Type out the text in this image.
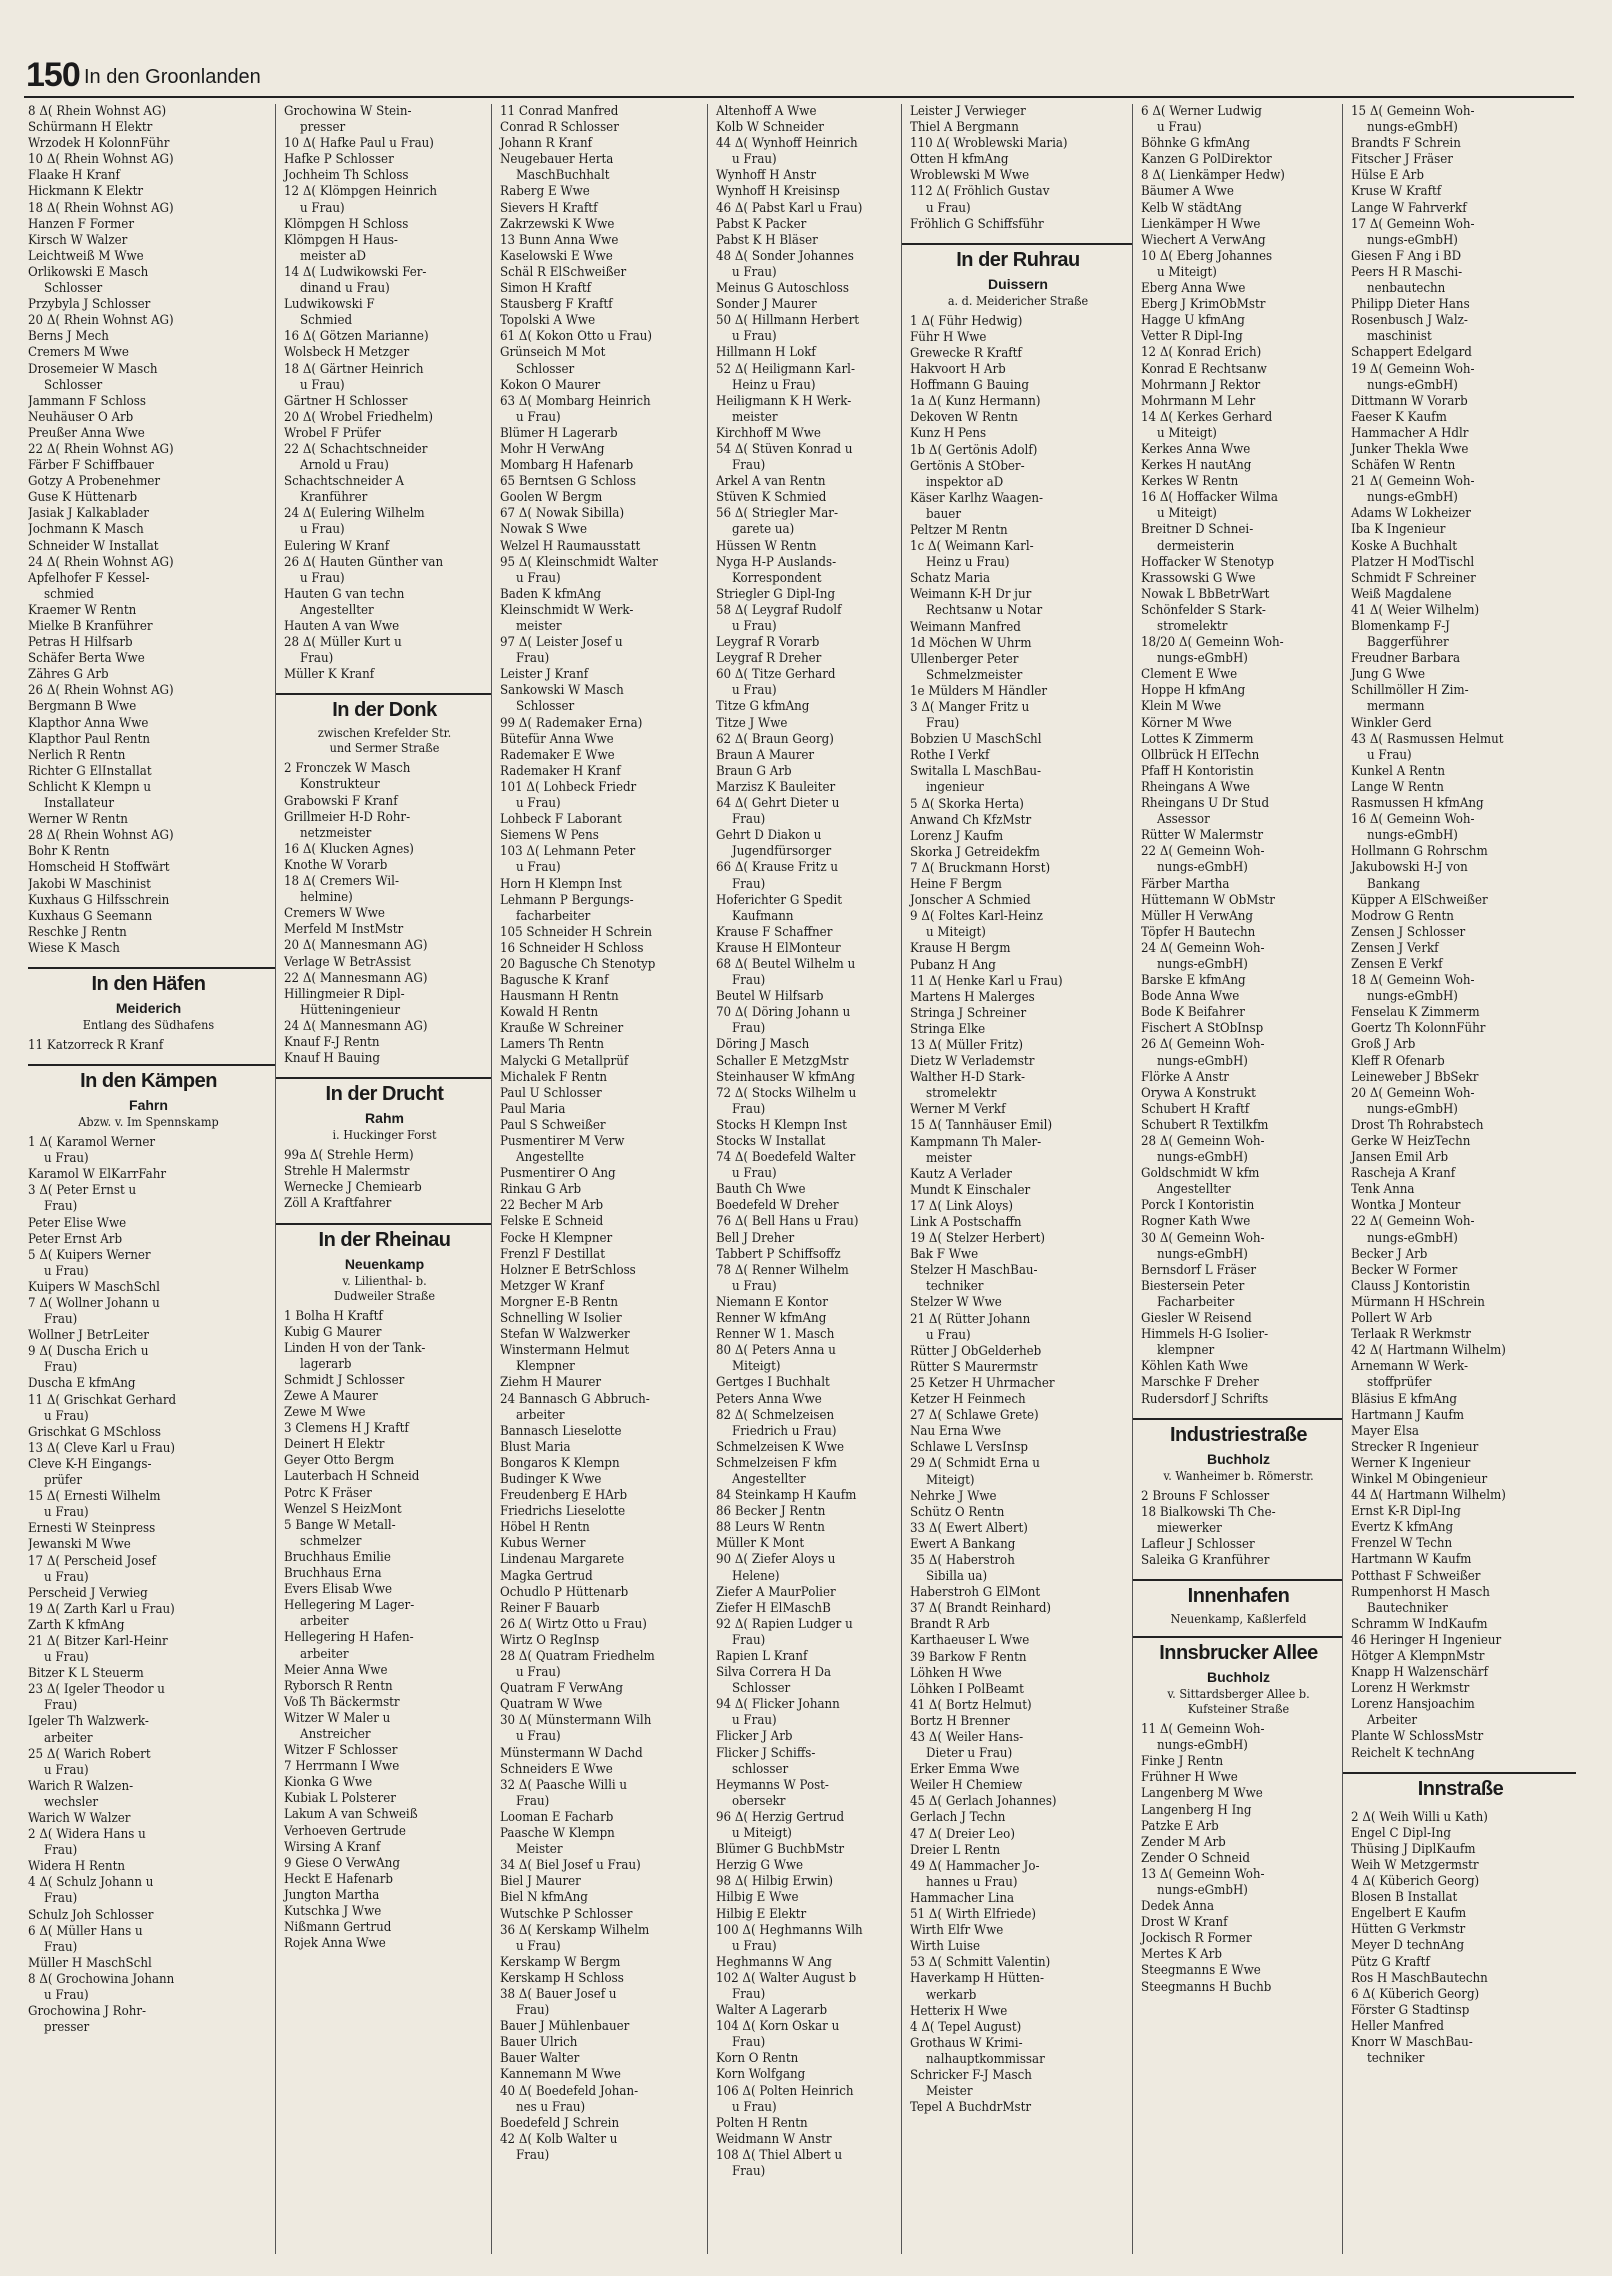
150 In den Groonlanden
8 Δ( Rhein Wohnst AG)
Schürmann H Elektr
Wrzodek H KolonnFühr
10 Δ( Rhein Wohnst AG)
Flaake H Kranf
Hickmann K Elektr
18 Δ( Rhein Wohnst AG)
Hanzen F Former
Kirsch W Walzer
Leichtweiß M Wwe
Orlikowski E Masch
Schlosser
Przybyla J Schlosser
20 Δ( Rhein Wohnst AG)
Berns J Mech
Cremers M Wwe
Drosemeier W Masch
Schlosser
Jammann F Schloss
Neuhäuser O Arb
Preußer Anna Wwe
22 Δ( Rhein Wohnst AG)
Färber F Schiffbauer
Gotzy A Probenehmer
Guse K Hüttenarb
Jasiak J Kalkablader
Jochmann K Masch
Schneider W Installat
24 Δ( Rhein Wohnst AG)
Apfelhofer F Kessel-
schmied
Kraemer W Rentn
Mielke B Kranführer
Petras H Hilfsarb
Schäfer Berta Wwe
Zähres G Arb
26 Δ( Rhein Wohnst AG)
Bergmann B Wwe
Klapthor Anna Wwe
Klapthor Paul Rentn
Nerlich R Rentn
Richter G ElInstallat
Schlicht K Klempn u
Installateur
Werner W Rentn
28 Δ( Rhein Wohnst AG)
Bohr K Rentn
Homscheid H Stoffwärt
Jakobi W Maschinist
Kuxhaus G Hilfsschrein
Kuxhaus G Seemann
Reschke J Rentn
Wiese K Masch
In den Häfen
Meiderich
Entlang des Südhafens
11 Katzorreck R Kranf
In den Kämpen
Fahrn
Abzw. v. Im Spennskamp
1 Δ( Karamol Werner
u Frau)
Karamol W ElKarrFahr
3 Δ( Peter Ernst u
Frau)
Peter Elise Wwe
Peter Ernst Arb
5 Δ( Kuipers Werner
u Frau)
Kuipers W MaschSchl
7 Δ( Wollner Johann u
Frau)
Wollner J BetrLeiter
9 Δ( Duscha Erich u
Frau)
Duscha E kfmAng
11 Δ( Grischkat Gerhard
u Frau)
Grischkat G MSchloss
13 Δ( Cleve Karl u Frau)
Cleve K-H Eingangs-
prüfer
15 Δ( Ernesti Wilhelm
u Frau)
Ernesti W Steinpress
Jewanski M Wwe
17 Δ( Perscheid Josef
u Frau)
Perscheid J Verwieg
19 Δ( Zarth Karl u Frau)
Zarth K kfmAng
21 Δ( Bitzer Karl-Heinr
u Frau)
Bitzer K L Steuerm
23 Δ( Igeler Theodor u
Frau)
Igeler Th Walzwerk-
arbeiter
25 Δ( Warich Robert
u Frau)
Warich R Walzen-
wechsler
Warich W Walzer
2 Δ( Widera Hans u
Frau)
Widera H Rentn
4 Δ( Schulz Johann u
Frau)
Schulz Joh Schlosser
6 Δ( Müller Hans u
Frau)
Müller H MaschSchl
8 Δ( Grochowina Johann
u Frau)
Grochowina J Rohr-
presser
Grochowina W Stein-
presser
10 Δ( Hafke Paul u Frau)
Hafke P Schlosser
Jochheim Th Schloss
12 Δ( Klömpgen Heinrich
u Frau)
Klömpgen H Schloss
Klömpgen H Haus-
meister aD
14 Δ( Ludwikowski Fer-
dinand u Frau)
Ludwikowski F
Schmied
16 Δ( Götzen Marianne)
Wolsbeck H Metzger
18 Δ( Gärtner Heinrich
u Frau)
Gärtner H Schlosser
20 Δ( Wrobel Friedhelm)
Wrobel F Prüfer
22 Δ( Schachtschneider
Arnold u Frau)
Schachtschneider A
Kranführer
24 Δ( Eulering Wilhelm
u Frau)
Eulering W Kranf
26 Δ( Hauten Günther van
u Frau)
Hauten G van techn
Angestellter
Hauten A van Wwe
28 Δ( Müller Kurt u
Frau)
Müller K Kranf
In der Donk
zwischen Krefelder Str.
und Sermer Straße
2 Fronczek W Masch
Konstrukteur
Grabowski F Kranf
Grillmeier H-D Rohr-
netzmeister
16 Δ( Klucken Agnes)
Knothe W Vorarb
18 Δ( Cremers Wil-
helmine)
Cremers W Wwe
Merfeld M InstMstr
20 Δ( Mannesmann AG)
Verlage W BetrAssist
22 Δ( Mannesmann AG)
Hillingmeier R Dipl-
Hütteningenieur
24 Δ( Mannesmann AG)
Knauf F-J Rentn
Knauf H Bauing
In der Drucht
Rahm
i. Huckinger Forst
99a Δ( Strehle Herm)
Strehle H Malermstr
Wernecke J Chemiearb
Zöll A Kraftfahrer
In der Rheinau
Neuenkamp
v. Lilienthal- b.
Dudweiler Straße
1 Bolha H Kraftf
Kubig G Maurer
Linden H von der Tank-
lagerarb
Schmidt J Schlosser
Zewe A Maurer
Zewe M Wwe
3 Clemens H J Kraftf
Deinert H Elektr
Geyer Otto Bergm
Lauterbach H Schneid
Potrc K Fräser
Wenzel S HeizMont
5 Bange W Metall-
schmelzer
Bruchhaus Emilie
Bruchhaus Erna
Evers Elisab Wwe
Hellegering M Lager-
arbeiter
Hellegering H Hafen-
arbeiter
Meier Anna Wwe
Ryborsch R Rentn
Voß Th Bäckermstr
Witzer W Maler u
Anstreicher
Witzer F Schlosser
7 Herrmann I Wwe
Kionka G Wwe
Kubiak L Polsterer
Lakum A van Schweiß
Verhoeven Gertrude
Wirsing A Kranf
9 Giese O VerwAng
Heckt E Hafenarb
Jungton Martha
Kutschka J Wwe
Nißmann Gertrud
Rojek Anna Wwe
11 Conrad Manfred
Conrad R Schlosser
Johann R Kranf
Neugebauer Herta
MaschBuchhalt
Raberg E Wwe
Sievers H Kraftf
Zakrzewski K Wwe
13 Bunn Anna Wwe
Kaselowski E Wwe
Schäl R ElSchweißer
Simon H Kraftf
Stausberg F Kraftf
Topolski A Wwe
61 Δ( Kokon Otto u Frau)
Grünseich M Mot
Schlosser
Kokon O Maurer
63 Δ( Mombarg Heinrich
u Frau)
Blümer H Lagerarb
Mohr H VerwAng
Mombarg H Hafenarb
65 Berntsen G Schloss
Goolen W Bergm
67 Δ( Nowak Sibilla)
Nowak S Wwe
Welzel H Raumausstatt
95 Δ( Kleinschmidt Walter
u Frau)
Baden K kfmAng
Kleinschmidt W Werk-
meister
97 Δ( Leister Josef u
Frau)
Leister J Kranf
Sankowski W Masch
Schlosser
99 Δ( Rademaker Erna)
Bütefür Anna Wwe
Rademaker E Wwe
Rademaker H Kranf
101 Δ( Lohbeck Friedr
u Frau)
Lohbeck F Laborant
Siemens W Pens
103 Δ( Lehmann Peter
u Frau)
Horn H Klempn Inst
Lehmann P Bergungs-
facharbeiter
105 Schneider H Schrein
16 Schneider H Schloss
20 Bagusche Ch Stenotyp
Bagusche K Kranf
Hausmann H Rentn
Kowald H Rentn
Krauße W Schreiner
Lamers Th Rentn
Malycki G Metallprüf
Michalek F Rentn
Paul U Schlosser
Paul Maria
Paul S Schweißer
Pusmentirer M Verw
Angestellte
Pusmentirer O Ang
Rinkau G Arb
22 Becher M Arb
Felske E Schneid
Focke H Klempner
Frenzl F Destillat
Holzner E BetrSchloss
Metzger W Kranf
Morgner E-B Rentn
Schnelling W Isolier
Stefan W Walzwerker
Winstermann Helmut
Klempner
Ziehm H Maurer
24 Bannasch G Abbruch-
arbeiter
Bannasch Lieselotte
Blust Maria
Bongaros K Klempn
Budinger K Wwe
Freudenberg E HArb
Friedrichs Lieselotte
Höbel H Rentn
Kubus Werner
Lindenau Margarete
Magka Gertrud
Ochudlo P Hüttenarb
Reiner F Bauarb
26 Δ( Wirtz Otto u Frau)
Wirtz O RegInsp
28 Δ( Quatram Friedhelm
u Frau)
Quatram F VerwAng
Quatram W Wwe
30 Δ( Münstermann Wilh
u Frau)
Münstermann W Dachd
Schneiders E Wwe
32 Δ( Paasche Willi u
Frau)
Looman E Facharb
Paasche W Klempn
Meister
34 Δ( Biel Josef u Frau)
Biel J Maurer
Biel N kfmAng
Wutschke P Schlosser
36 Δ( Kerskamp Wilhelm
u Frau)
Kerskamp W Bergm
Kerskamp H Schloss
38 Δ( Bauer Josef u
Frau)
Bauer J Mühlenbauer
Bauer Ulrich
Bauer Walter
Kannemann M Wwe
40 Δ( Boedefeld Johan-
nes u Frau)
Boedefeld J Schrein
42 Δ( Kolb Walter u
Frau)
Altenhoff A Wwe
Kolb W Schneider
44 Δ( Wynhoff Heinrich
u Frau)
Wynhoff H Anstr
Wynhoff H Kreisinsp
46 Δ( Pabst Karl u Frau)
Pabst K Packer
Pabst K H Bläser
48 Δ( Sonder Johannes
u Frau)
Meinus G Autoschloss
Sonder J Maurer
50 Δ( Hillmann Herbert
u Frau)
Hillmann H Lokf
52 Δ( Heiligmann Karl-
Heinz u Frau)
Heiligmann K H Werk-
meister
Kirchhoff M Wwe
54 Δ( Stüven Konrad u
Frau)
Arkel A van Rentn
Stüven K Schmied
56 Δ( Striegler Mar-
garete ua)
Hüssen W Rentn
Nyga H-P Auslands-
Korrespondent
Striegler G Dipl-Ing
58 Δ( Leygraf Rudolf
u Frau)
Leygraf R Vorarb
Leygraf R Dreher
60 Δ( Titze Gerhard
u Frau)
Titze G kfmAng
Titze J Wwe
62 Δ( Braun Georg)
Braun A Maurer
Braun G Arb
Marzisz K Bauleiter
64 Δ( Gehrt Dieter u
Frau)
Gehrt D Diakon u
Jugendfürsorger
66 Δ( Krause Fritz u
Frau)
Hoferichter G Spedit
Kaufmann
Krause F Schaffner
Krause H ElMonteur
68 Δ( Beutel Wilhelm u
Frau)
Beutel W Hilfsarb
70 Δ( Döring Johann u
Frau)
Döring J Masch
Schaller E MetzgMstr
Steinhauser W kfmAng
72 Δ( Stocks Wilhelm u
Frau)
Stocks H Klempn Inst
Stocks W Installat
74 Δ( Boedefeld Walter
u Frau)
Bauth Ch Wwe
Boedefeld W Dreher
76 Δ( Bell Hans u Frau)
Bell J Dreher
Tabbert P Schiffsoffz
78 Δ( Renner Wilhelm
u Frau)
Niemann E Kontor
Renner W kfmAng
Renner W 1. Masch
80 Δ( Peters Anna u
Miteigt)
Gertges I Buchhalt
Peters Anna Wwe
82 Δ( Schmelzeisen
Friedrich u Frau)
Schmelzeisen K Wwe
Schmelzeisen F kfm
Angestellter
84 Steinkamp H Kaufm
86 Becker J Rentn
88 Leurs W Rentn
Müller K Mont
90 Δ( Ziefer Aloys u
Helene)
Ziefer A MaurPolier
Ziefer H ElMaschB
92 Δ( Rapien Ludger u
Frau)
Rapien L Kranf
Silva Correra H Da
Schlosser
94 Δ( Flicker Johann
u Frau)
Flicker J Arb
Flicker J Schiffs-
schlosser
Heymanns W Post-
obersekr
96 Δ( Herzig Gertrud
u Miteigt)
Blümer G BuchbMstr
Herzig G Wwe
98 Δ( Hilbig Erwin)
Hilbig E Wwe
Hilbig E Elektr
100 Δ( Heghmanns Wilh
u Frau)
Heghmanns W Ang
102 Δ( Walter August b
Frau)
Walter A Lagerarb
104 Δ( Korn Oskar u
Frau)
Korn O Rentn
Korn Wolfgang
106 Δ( Polten Heinrich
u Frau)
Polten H Rentn
Weidmann W Anstr
108 Δ( Thiel Albert u
Frau)
Leister J Verwieger
Thiel A Bergmann
110 Δ( Wroblewski Maria)
Otten H kfmAng
Wroblewski M Wwe
112 Δ( Fröhlich Gustav
u Frau)
Fröhlich G Schiffsführ
In der Ruhrau
Duissern
a. d. Meidericher Straße
1 Δ( Führ Hedwig)
Führ H Wwe
Grewecke R Kraftf
Hakvoort H Arb
Hoffmann G Bauing
1a Δ( Kunz Hermann)
Dekoven W Rentn
Kunz H Pens
1b Δ( Gertönis Adolf)
Gertönis A StOber-
inspektor aD
Käser Karlhz Waagen-
bauer
Peltzer M Rentn
1c Δ( Weimann Karl-
Heinz u Frau)
Schatz Maria
Weimann K-H Dr jur
Rechtsanw u Notar
Weimann Manfred
1d Möchen W Uhrm
Ullenberger Peter
Schmelzmeister
1e Mülders M Händler
3 Δ( Manger Fritz u
Frau)
Bobzien U MaschSchl
Rothe I Verkf
Switalla L MaschBau-
ingenieur
5 Δ( Skorka Herta)
Anwand Ch KfzMstr
Lorenz J Kaufm
Skorka J Getreidekfm
7 Δ( Bruckmann Horst)
Heine F Bergm
Jonscher A Schmied
9 Δ( Foltes Karl-Heinz
u Miteigt)
Krause H Bergm
Pubanz H Ang
11 Δ( Henke Karl u Frau)
Martens H Malerges
Stringa J Schreiner
Stringa Elke
13 Δ( Müller Fritz)
Dietz W Verlademstr
Walther H-D Stark-
stromelektr
Werner M Verkf
15 Δ( Tannhäuser Emil)
Kampmann Th Maler-
meister
Kautz A Verlader
Mundt K Einschaler
17 Δ( Link Aloys)
Link A Postschaffn
19 Δ( Stelzer Herbert)
Bak F Wwe
Stelzer H MaschBau-
techniker
Stelzer W Wwe
21 Δ( Rütter Johann
u Frau)
Rütter J ObGelderheb
Rütter S Maurermstr
25 Ketzer H Uhrmacher
Ketzer H Feinmech
27 Δ( Schlawe Grete)
Nau Erna Wwe
Schlawe L VersInsp
29 Δ( Schmidt Erna u
Miteigt)
Nehrke J Wwe
Schütz O Rentn
33 Δ( Ewert Albert)
Ewert A Bankang
35 Δ( Haberstroh
Sibilla ua)
Haberstroh G ElMont
37 Δ( Brandt Reinhard)
Brandt R Arb
Karthaeuser L Wwe
39 Barkow F Rentn
Löhken H Wwe
Löhken I PolBeamt
41 Δ( Bortz Helmut)
Bortz H Brenner
43 Δ( Weiler Hans-
Dieter u Frau)
Erker Emma Wwe
Weiler H Chemiew
45 Δ( Gerlach Johannes)
Gerlach J Techn
47 Δ( Dreier Leo)
Dreier L Rentn
49 Δ( Hammacher Jo-
hannes u Frau)
Hammacher Lina
51 Δ( Wirth Elfriede)
Wirth Elfr Wwe
Wirth Luise
53 Δ( Schmitt Valentin)
Haverkamp H Hütten-
werkarb
Hetterix H Wwe
4 Δ( Tepel August)
Grothaus W Krimi-
nalhauptkommissar
Schricker F-J Masch
Meister
Tepel A BuchdrMstr
6 Δ( Werner Ludwig
u Frau)
Böhnke G kfmAng
Kanzen G PolDirektor
8 Δ( Lienkämper Hedw)
Bäumer A Wwe
Kelb W städtAng
Lienkämper H Wwe
Wiechert A VerwAng
10 Δ( Eberg Johannes
u Miteigt)
Eberg Anna Wwe
Eberg J KrimObMstr
Hagge U kfmAng
Vetter R Dipl-Ing
12 Δ( Konrad Erich)
Konrad E Rechtsanw
Mohrmann J Rektor
Mohrmann M Lehr
14 Δ( Kerkes Gerhard
u Miteigt)
Kerkes Anna Wwe
Kerkes H nautAng
Kerkes W Rentn
16 Δ( Hoffacker Wilma
u Miteigt)
Breitner D Schnei-
dermeisterin
Hoffacker W Stenotyp
Krassowski G Wwe
Nowak L BbBetrWart
Schönfelder S Stark-
stromelektr
18/20 Δ( Gemeinn Woh-
nungs-eGmbH)
Clement E Wwe
Hoppe H kfmAng
Klein M Wwe
Körner M Wwe
Lottes K Zimmerm
Ollbrück H ElTechn
Pfaff H Kontoristin
Rheingans A Wwe
Rheingans U Dr Stud
Assessor
Rütter W Malermstr
22 Δ( Gemeinn Woh-
nungs-eGmbH)
Färber Martha
Hüttemann W ObMstr
Müller H VerwAng
Töpfer H Bautechn
24 Δ( Gemeinn Woh-
nungs-eGmbH)
Barske E kfmAng
Bode Anna Wwe
Bode K Beifahrer
Fischert A StObInsp
26 Δ( Gemeinn Woh-
nungs-eGmbH)
Flörke A Anstr
Orywa A Konstrukt
Schubert H Kraftf
Schubert R Textilkfm
28 Δ( Gemeinn Woh-
nungs-eGmbH)
Goldschmidt W kfm
Angestellter
Porck I Kontoristin
Rogner Kath Wwe
30 Δ( Gemeinn Woh-
nungs-eGmbH)
Bernsdorf L Fräser
Biestersein Peter
Facharbeiter
Giesler W Reisend
Himmels H-G Isolier-
klempner
Köhlen Kath Wwe
Marschke F Dreher
Rudersdorf J Schrifts
Industriestraße
Buchholz
v. Wanheimer b. Römerstr.
2 Brouns F Schlosser
18 Bialkowski Th Che-
miewerker
Lafleur J Schlosser
Saleika G Kranführer
Innenhafen
Neuenkamp, Kaßlerfeld
Innsbrucker Allee
Buchholz
v. Sittardsberger Allee b.
Kufsteiner Straße
11 Δ( Gemeinn Woh-
nungs-eGmbH)
Finke J Rentn
Frühner H Wwe
Langenberg M Wwe
Langenberg H Ing
Patzke E Arb
Zender M Arb
Zender O Schneid
13 Δ( Gemeinn Woh-
nungs-eGmbH)
Dedek Anna
Drost W Kranf
Jockisch R Former
Mertes K Arb
Steegmanns E Wwe
Steegmanns H Buchb
15 Δ( Gemeinn Woh-
nungs-eGmbH)
Brandts F Schrein
Fitscher J Fräser
Hülse E Arb
Kruse W Kraftf
Lange W Fahrverkf
17 Δ( Gemeinn Woh-
nungs-eGmbH)
Giesen F Ang i BD
Peers H R Maschi-
nenbautechn
Philipp Dieter Hans
Rosenbusch J Walz-
maschinist
Schappert Edelgard
19 Δ( Gemeinn Woh-
nungs-eGmbH)
Dittmann W Vorarb
Faeser K Kaufm
Hammacher A Hdlr
Junker Thekla Wwe
Schäfen W Rentn
21 Δ( Gemeinn Woh-
nungs-eGmbH)
Adams W Lokheizer
Iba K Ingenieur
Koske A Buchhalt
Platzer H ModTischl
Schmidt F Schreiner
Weiß Magdalene
41 Δ( Weier Wilhelm)
Blomenkamp F-J
Baggerführer
Freudner Barbara
Jung G Wwe
Schillmöller H Zim-
mermann
Winkler Gerd
43 Δ( Rasmussen Helmut
u Frau)
Kunkel A Rentn
Lange W Rentn
Rasmussen H kfmAng
16 Δ( Gemeinn Woh-
nungs-eGmbH)
Hollmann G Rohrschm
Jakubowski H-J von
Bankang
Küpper A ElSchweißer
Modrow G Rentn
Zensen J Schlosser
Zensen J Verkf
Zensen E Verkf
18 Δ( Gemeinn Woh-
nungs-eGmbH)
Fenselau K Zimmerm
Goertz Th KolonnFühr
Groß J Arb
Kleff R Ofenarb
Leineweber J BbSekr
20 Δ( Gemeinn Woh-
nungs-eGmbH)
Drost Th Rohrabstech
Gerke W HeizTechn
Jansen Emil Arb
Rascheja A Kranf
Tenk Anna
Wontka J Monteur
22 Δ( Gemeinn Woh-
nungs-eGmbH)
Becker J Arb
Becker W Former
Clauss J Kontoristin
Mürmann H HSchrein
Pollert W Arb
Terlaak R Werkmstr
42 Δ( Hartmann Wilhelm)
Arnemann W Werk-
stoffprüfer
Bläsius E kfmAng
Hartmann J Kaufm
Mayer Elsa
Strecker R Ingenieur
Werner K Ingenieur
Winkel M Obingenieur
44 Δ( Hartmann Wilhelm)
Ernst K-R Dipl-Ing
Evertz K kfmAng
Frenzel W Techn
Hartmann W Kaufm
Potthast F Schweißer
Rumpenhorst H Masch
Bautechniker
Schramm W IndKaufm
46 Heringer H Ingenieur
Hötger A KlempnMstr
Knapp H Walzenschärf
Lorenz H Werkmstr
Lorenz Hansjoachim
Arbeiter
Plante W SchlossMstr
Reichelt K technAng
Innstraße
2 Δ( Weih Willi u Kath)
Engel C Dipl-Ing
Thüsing J DiplKaufm
Weih W Metzgermstr
4 Δ( Küberich Georg)
Blosen B Installat
Engelbert E Kaufm
Hütten G Verkmstr
Meyer D technAng
Pütz G Kraftf
Ros H MaschBautechn
6 Δ( Küberich Georg)
Förster G Stadtinsp
Heller Manfred
Knorr W MaschBau-
techniker
